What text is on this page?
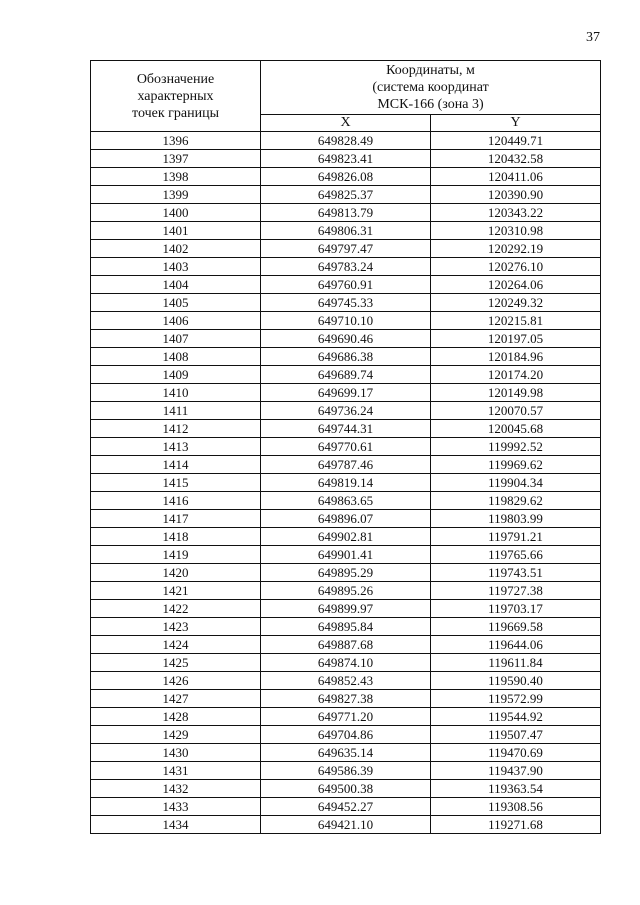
37
Обозначение
характерных
точек границы	Координаты, м
(система координат
МСК-166 (зона 3)	

	X	Y
1396	649828.49	120449.71
1397	649823.41	120432.58
1398	649826.08	120411.06
1399	649825.37	120390.90
1400	649813.79	120343.22
1401	649806.31	120310.98
1402	649797.47	120292.19
1403	649783.24	120276.10
1404	649760.91	120264.06
1405	649745.33	120249.32
1406	649710.10	120215.81
1407	649690.46	120197.05
1408	649686.38	120184.96
1409	649689.74	120174.20
1410	649699.17	120149.98
1411	649736.24	120070.57
1412	649744.31	120045.68
1413	649770.61	119992.52
1414	649787.46	119969.62
1415	649819.14	119904.34
1416	649863.65	119829.62
1417	649896.07	119803.99
1418	649902.81	119791.21
1419	649901.41	119765.66
1420	649895.29	119743.51
1421	649895.26	119727.38
1422	649899.97	119703.17
1423	649895.84	119669.58
1424	649887.68	119644.06
1425	649874.10	119611.84
1426	649852.43	119590.40
1427	649827.38	119572.99
1428	649771.20	119544.92
1429	649704.86	119507.47
1430	649635.14	119470.69
1431	649586.39	119437.90
1432	649500.38	119363.54
1433	649452.27	119308.56
1434	649421.10	119271.68
